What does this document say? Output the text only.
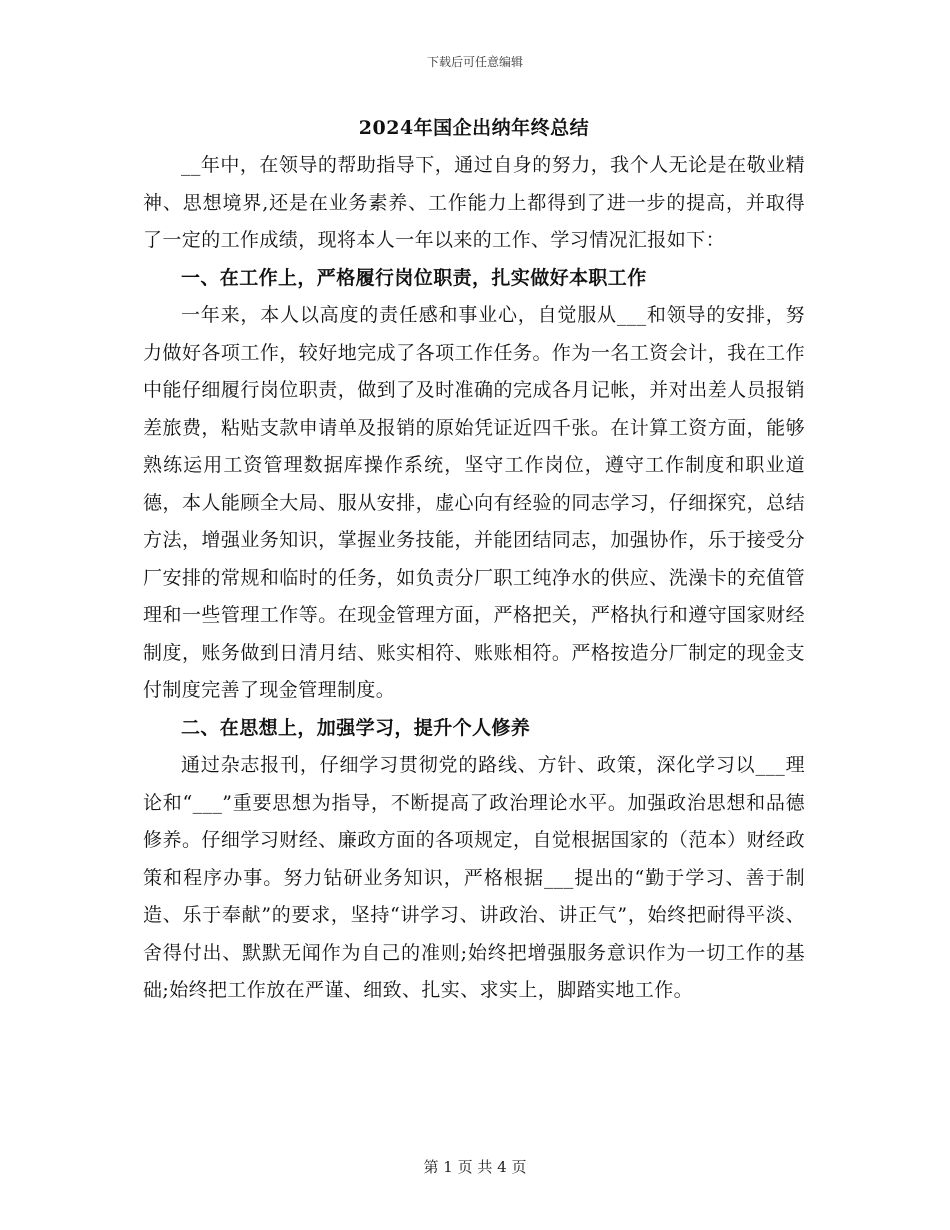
下载后可任意编辑
2024年国企出纳年终总结

__年中，在领导的帮助指导下，通过自身的努力，我个人无论是在敬业精神、思想境界,还是在业务素养、工作能力上都得到了进一步的提高，并取得了一定的工作成绩，现将本人一年以来的工作、学习情况汇报如下：

一、在工作上，严格履行岗位职责，扎实做好本职工作

一年来，本人以高度的责任感和事业心，自觉服从___和领导的安排，努力做好各项工作，较好地完成了各项工作任务。作为一名工资会计，我在工作中能仔细履行岗位职责，做到了及时准确的完成各月记帐，并对出差人员报销差旅费，粘贴支款申请单及报销的原始凭证近四千张。在计算工资方面，能够熟练运用工资管理数据库操作系统，坚守工作岗位，遵守工作制度和职业道德，本人能顾全大局、服从安排，虚心向有经验的同志学习，仔细探究，总结方法，增强业务知识，掌握业务技能，并能团结同志，加强协作，乐于接受分厂安排的常规和临时的任务，如负责分厂职工纯净水的供应、洗澡卡的充值管理和一些管理工作等。在现金管理方面，严格把关，严格执行和遵守国家财经制度，账务做到日清月结、账实相符、账账相符。严格按造分厂制定的现金支付制度完善了现金管理制度。

二、在思想上，加强学习，提升个人修养

通过杂志报刊，仔细学习贯彻党的路线、方针、政策，深化学习以___理论和“___”重要思想为指导，不断提高了政治理论水平。加强政治思想和品德修养。仔细学习财经、廉政方面的各项规定，自觉根据国家的（范本）财经政策和程序办事。努力钻研业务知识，严格根据___提出的“勤于学习、善于制造、乐于奉献”的要求，坚持“讲学习、讲政治、讲正气”，始终把耐得平淡、舍得付出、默默无闻作为自己的准则;始终把增强服务意识作为一切工作的基础;始终把工作放在严谨、细致、扎实、求实上，脚踏实地工作。

第 1 页 共 4 页
